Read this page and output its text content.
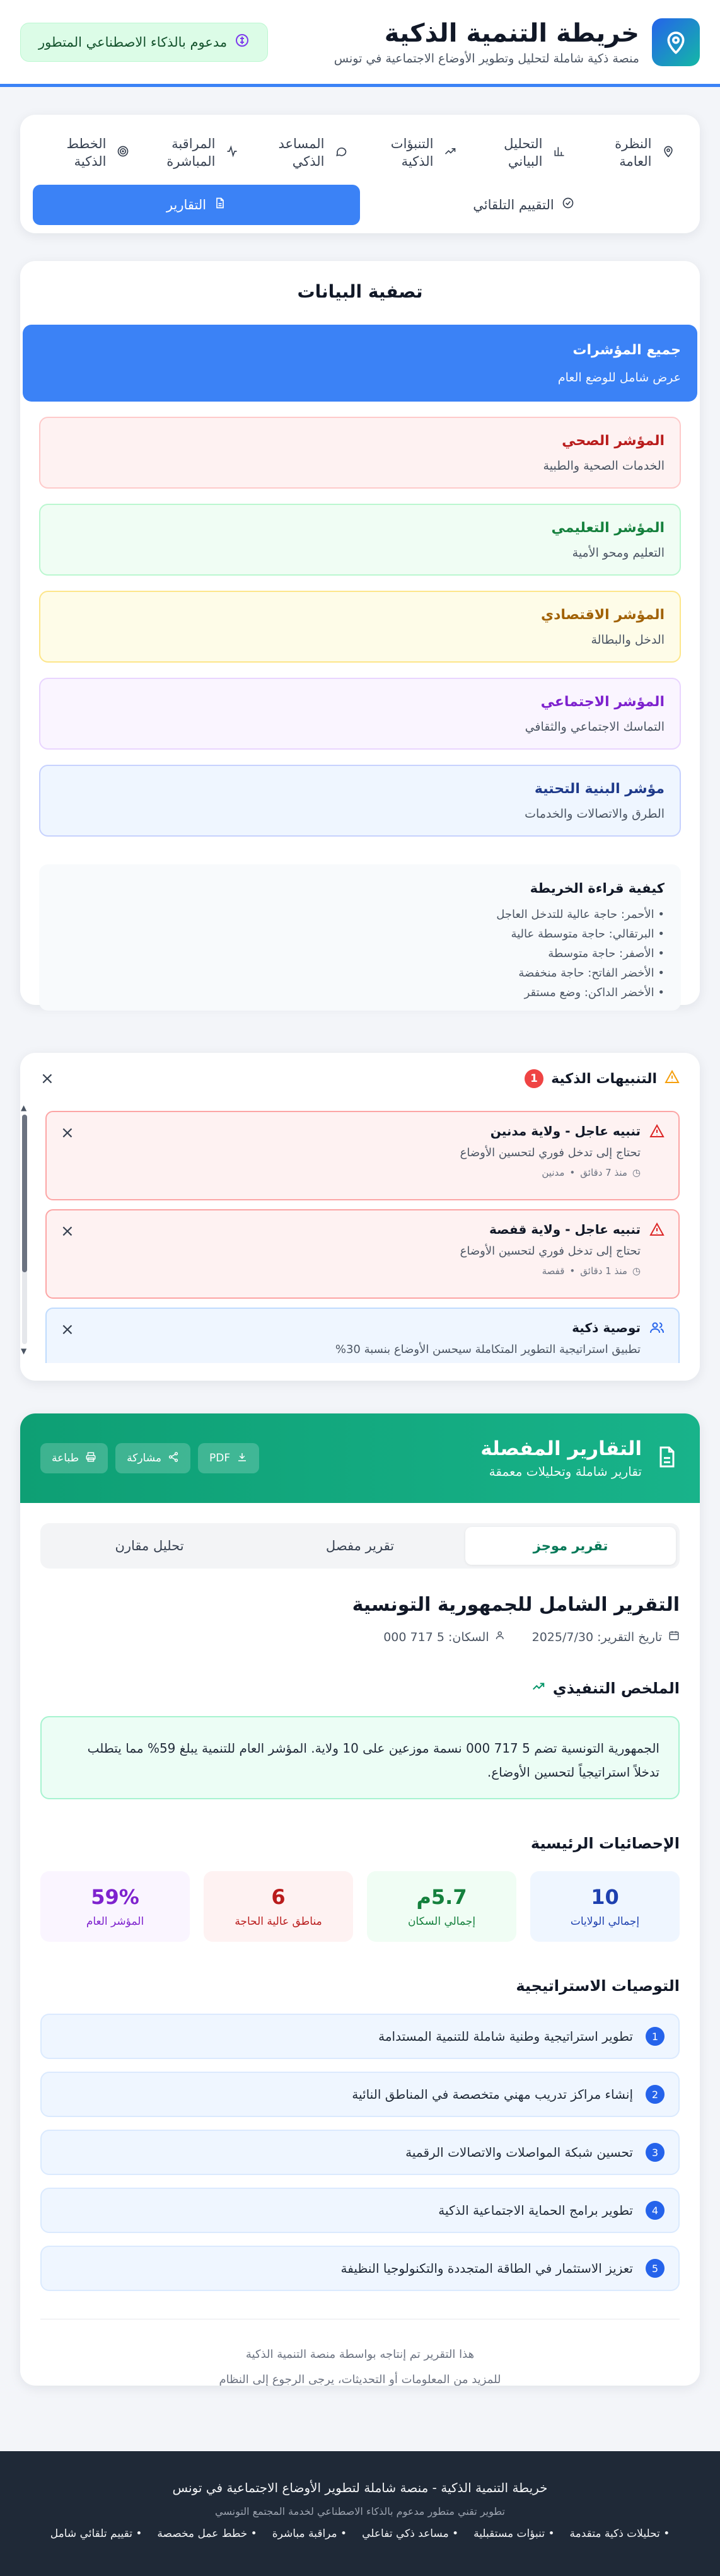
خريطة التنمية الذكية
منصة ذكية شاملة لتحليل وتطوير الأوضاع الاجتماعية في تونس
مدعوم بالذكاء الاصطناعي المتطور
النظرة العامة
التحليل البياني
التنبؤات الذكية
المساعد الذكي
المراقبة المباشرة
الخطط الذكية
التقييم التلقائي
التقارير
تصفية البيانات
جميع المؤشرات
عرض شامل للوضع العام
المؤشر الصحي
الخدمات الصحية والطبية
المؤشر التعليمي
التعليم ومحو الأمية
المؤشر الاقتصادي
الدخل والبطالة
المؤشر الاجتماعي
التماسك الاجتماعي والثقافي
مؤشر البنية التحتية
الطرق والاتصالات والخدمات
كيفية قراءة الخريطة
• الأحمر: حاجة عالية للتدخل العاجل
• البرتقالي: حاجة متوسطة عالية
• الأصفر: حاجة متوسطة
• الأخضر الفاتح: حاجة منخفضة
• الأخضر الداكن: وضع مستقر
التنبيهات الذكية
1
×
▲
▼
تنبيه عاجل - ولاية مدنين
تحتاج إلى تدخل فوري لتحسين الأوضاع
◷
منذ 7 دقائق
•
مدنين
×
تنبيه عاجل - ولاية قفصة
تحتاج إلى تدخل فوري لتحسين الأوضاع
◷
منذ 1 دقائق
•
قفصة
×
توصية ذكية
تطبيق استراتيجية التطوير المتكاملة سيحسن الأوضاع بنسبة 30%
×
التقارير المفصلة
تقارير شاملة وتحليلات معمقة
PDF
مشاركة
طباعة
تقرير موجز
تقرير مفصل
تحليل مقارن
التقرير الشامل للجمهورية التونسية
تاريخ التقرير: 2025/7/30
السكان: 5 717 000
الملخص التنفيذي
الجمهورية التونسية تضم 5 717 000 نسمة موزعين على 10 ولاية. المؤشر العام للتنمية يبلغ 59% مما يتطلب تدخلاً استراتيجياً لتحسين الأوضاع.
الإحصائيات الرئيسية
10
إجمالي الولايات
5.7م
إجمالي السكان
6
مناطق عالية الحاجة
59%
المؤشر العام
التوصيات الاستراتيجية
1
تطوير استراتيجية وطنية شاملة للتنمية المستدامة
2
إنشاء مراكز تدريب مهني متخصصة في المناطق النائية
3
تحسين شبكة المواصلات والاتصالات الرقمية
4
تطوير برامج الحماية الاجتماعية الذكية
5
تعزيز الاستثمار في الطاقة المتجددة والتكنولوجيا النظيفة
هذا التقرير تم إنتاجه بواسطة منصة التنمية الذكية
للمزيد من المعلومات أو التحديثات، يرجى الرجوع إلى النظام
خريطة التنمية الذكية - منصة شاملة لتطوير الأوضاع الاجتماعية في تونس
تطوير تقني متطور مدعوم بالذكاء الاصطناعي لخدمة المجتمع التونسي
• تحليلات ذكية متقدمة
• تنبؤات مستقبلية
• مساعد ذكي تفاعلي
• مراقبة مباشرة
• خطط عمل مخصصة
• تقييم تلقائي شامل
